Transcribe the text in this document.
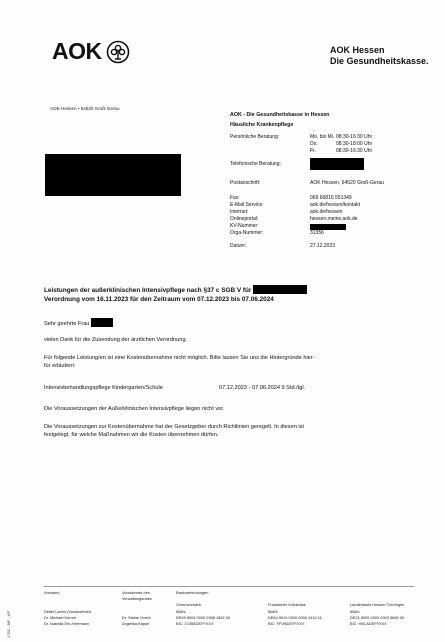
AOK	AOK Hessen
Die Gesundheitskasse.
AOK Hessen • 64520 Groß-Gerau
AOK - Die Gesundheitskasse in Hessen
Häusliche Krankenpflege
Persönliche Beratung:	Mo. bis Mi. 08:30-16:30 Uhr
Do.	08:30-18:00 Uhr
Fr.	08:30-16:30 Uhr
Telefonische Beratung:
Postanschrift:	AOK Hessen, 64520 Groß-Gerau
Fax:	069 66816 551349
E-Mail Service:	aok.de/hessen/kontakt
Internet:	aok.de/hessen
Onlineportal:	hessen.meine.aok.de
KV-Nummer:
Orga-Nummer:	31356
Datum:	27.12.2023
Leistungen der außerklinischen Intensivpflege nach §37 c SGB V für
Verordnung vom 16.11.2023 für den Zeitraum vom 07.12.2023 bis 07.06.2024
Sehr geehrte Frau
vielen Dank für die Zusendung der ärztlichen Verordnung.
Für folgende Leistung/en ist eine Kostenübernahme nicht möglich. Bitte lassen Sie uns die Hintergründe hier-
für erläutern:
Intensivbehandlungspflege Kindergarten/Schule	07.12.2023 - 07.06.2024 9 Std./tgl.
Die Voraussetzungen der Außerklinischen Intensivpflege liegen nicht vor.
Die Voraussetzungen zur Kostenübernahme hat der Gesetzgeber durch Richtlinien geregelt. In diesen ist
festgelegt, für welche Maßnahmen wir die Kosten übernehmen dürfen.
Vorstand

Detlef Lamm (Vorsitzender)
Dr. Michael Kerner
Dr. Isabella Erb-Herrmann
Vorsitzende des
Verwaltungsrates

Dr. Stefan Hoehl
Angelika Kappe
Bankverbindungen

Commerzbank
IBAN:
DE69 5004 0000 0398 1802 00
BIC: COBADEFFXXX

Frankfurter Volksbank
IBAN:
DE84 5019 0000 0000 1410 11
BIC: FFVBDEFFXXX

Landesbank Hessen-Thüringen
IBAN:
DE21 5005 0000 0003 5660 09
BIC: HELADEFFXXX
YJ32 - MF - AP
